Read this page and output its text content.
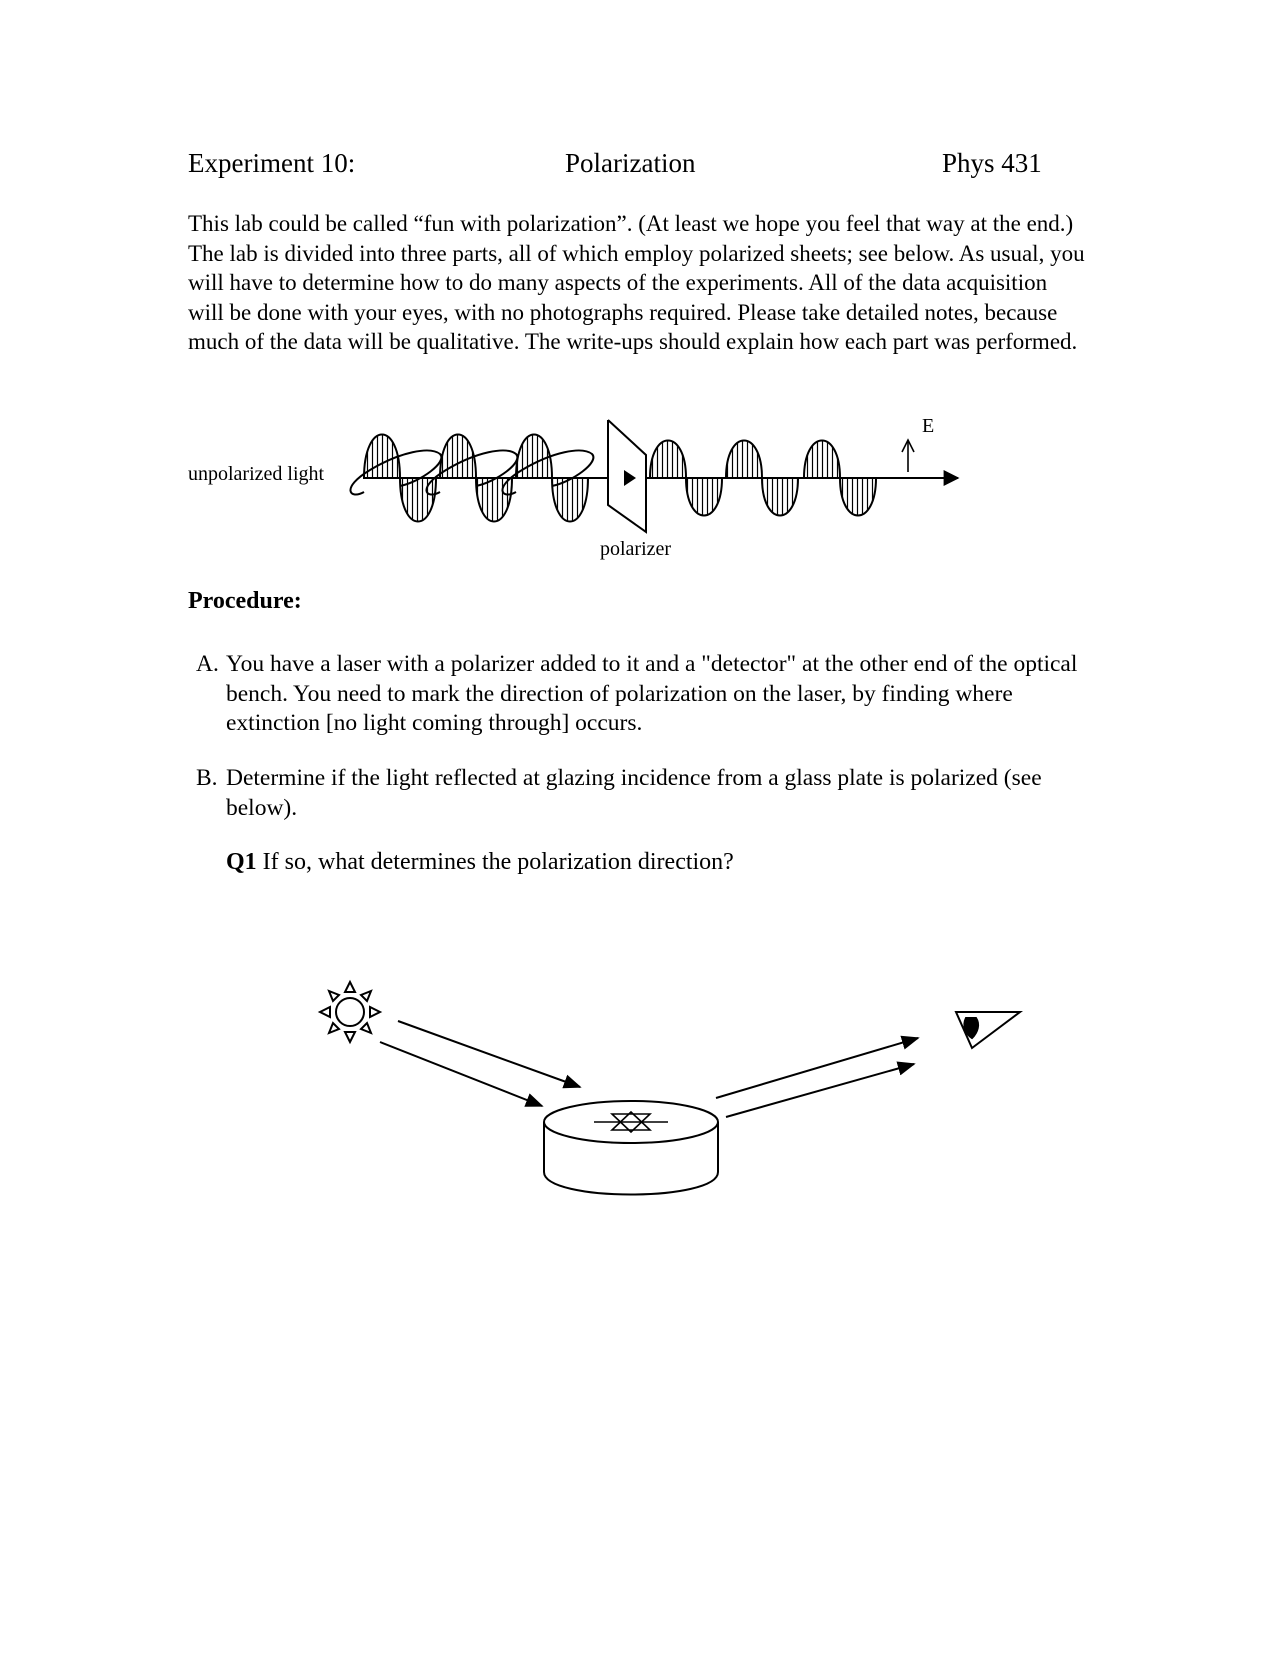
Experiment 10:	Polarization	Phys 431

This lab could be called “fun with polarization”. (At least we hope you feel that way at the end.) The lab is divided into three parts, all of which employ polarized sheets; see below. As usual, you will have to determine how to do many aspects of the experiments. All of the data acquisition will be done with your eyes, with no photographs required. Please take detailed notes, because much of the data will be qualitative. The write-ups should explain how each part was performed.

unpolarized light
polarizer
E
Procedure:
A. You have a laser with a polarizer added to it and a "detector" at the other end of the optical bench. You need to mark the direction of polarization on the laser, by finding where extinction [no light coming through] occurs.
B. Determine if the light reflected at glazing incidence from a glass plate is polarized (see below).
Q1 If so, what determines the polarization direction?
